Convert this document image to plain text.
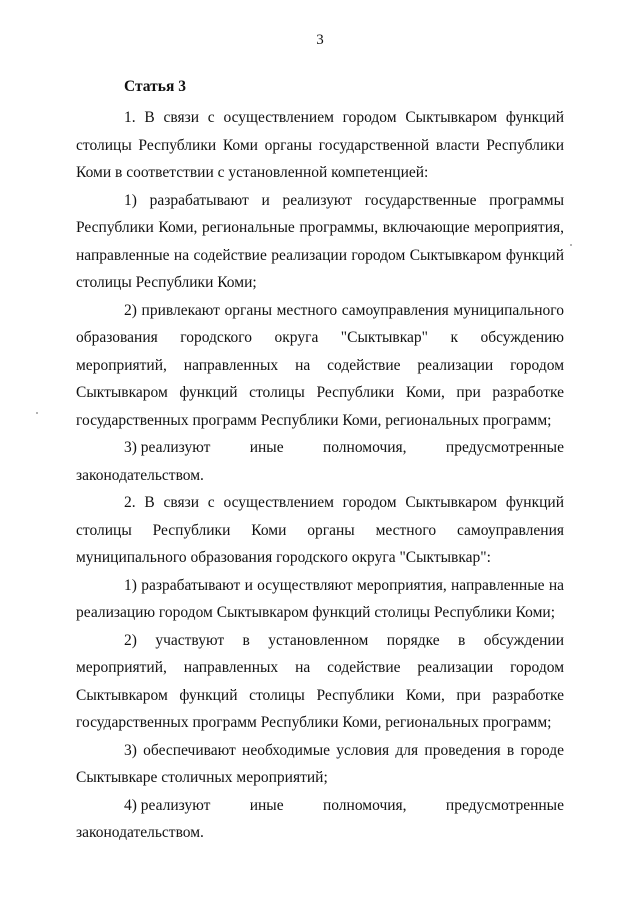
3
Статья 3

1. В связи с осуществлением городом Сыктывкаром функций столицы Республики Коми органы государственной власти Республики Коми в соответствии с установленной компетенцией:

1) разрабатывают и реализуют государственные программы Республики Коми, региональные программы, включающие мероприятия, направленные на содействие реализации городом Сыктывкаром функций столицы Республики Коми;

2) привлекают органы местного самоуправления муниципального образования городского округа "Сыктывкар" к обсуждению мероприятий, направленных на содействие реализации городом Сыктывкаром функций столицы Республики Коми, при разработке государственных программ Республики Коми, региональных программ;

3) реализуют	иные	полномочия,	предусмотренные

законодательством.

2. В связи с осуществлением городом Сыктывкаром функций
столицы Республики Коми органы местного самоуправления

муниципального образования городского округа "Сыктывкар":

1) разрабатывают и осуществляют мероприятия, направленные на реализацию городом Сыктывкаром функций столицы Республики Коми;

2) участвуют в установленном порядке в обсуждении мероприятий, направленных на содействие реализации городом Сыктывкаром функций столицы Республики Коми, при разработке государственных программ Республики Коми, региональных программ;

3) обеспечивают необходимые условия для проведения в городе Сыктывкаре столичных мероприятий;

4) реализуют	иные	полномочия,	предусмотренные

законодательством.
